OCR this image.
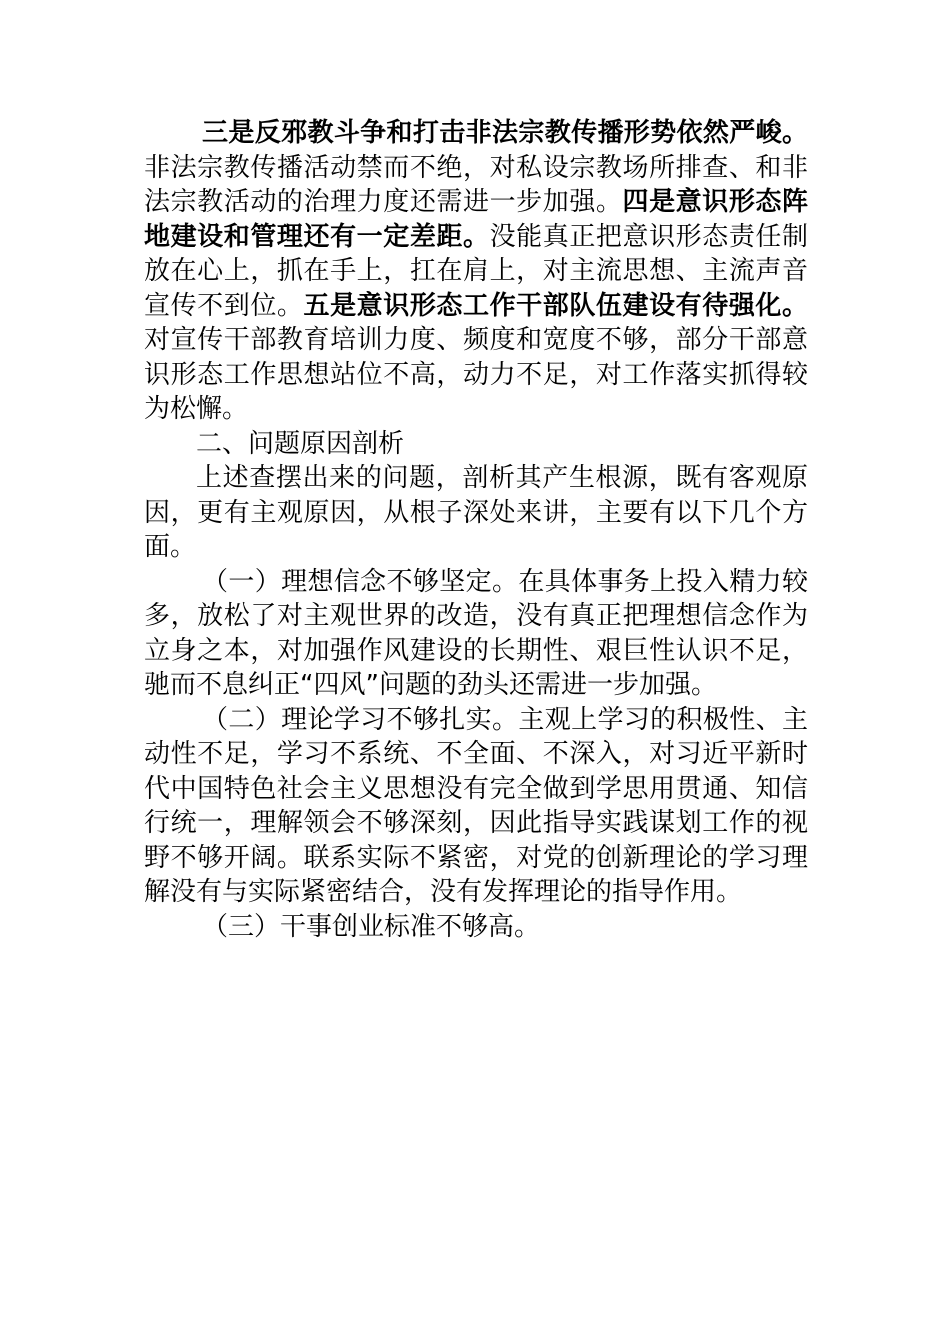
三是反邪教斗争和打击非法宗教传播形势依然严峻。非法宗教传播活动禁而不绝，对私设宗教场所排查、和非法宗教活动的治理力度还需进一步加强。四是意识形态阵地建设和管理还有一定差距。没能真正把意识形态责任制放在心上，抓在手上，扛在肩上，对主流思想、主流声音宣传不到位。五是意识形态工作干部队伍建设有待强化。对宣传干部教育培训力度、频度和宽度不够，部分干部意识形态工作思想站位不高，动力不足，对工作落实抓得较为松懈。

二、问题原因剖析

上述查摆出来的问题，剖析其产生根源，既有客观原因，更有主观原因，从根子深处来讲，主要有以下几个方面。

（一）理想信念不够坚定。在具体事务上投入精力较多，放松了对主观世界的改造，没有真正把理想信念作为立身之本，对加强作风建设的长期性、艰巨性认识不足，驰而不息纠正“四风”问题的劲头还需进一步加强。

（二）理论学习不够扎实。主观上学习的积极性、主动性不足，学习不系统、不全面、不深入，对习近平新时代中国特色社会主义思想没有完全做到学思用贯通、知信行统一，理解领会不够深刻，因此指导实践谋划工作的视野不够开阔。联系实际不紧密，对党的创新理论的学习理解没有与实际紧密结合，没有发挥理论的指导作用。

（三）干事创业标准不够高。
